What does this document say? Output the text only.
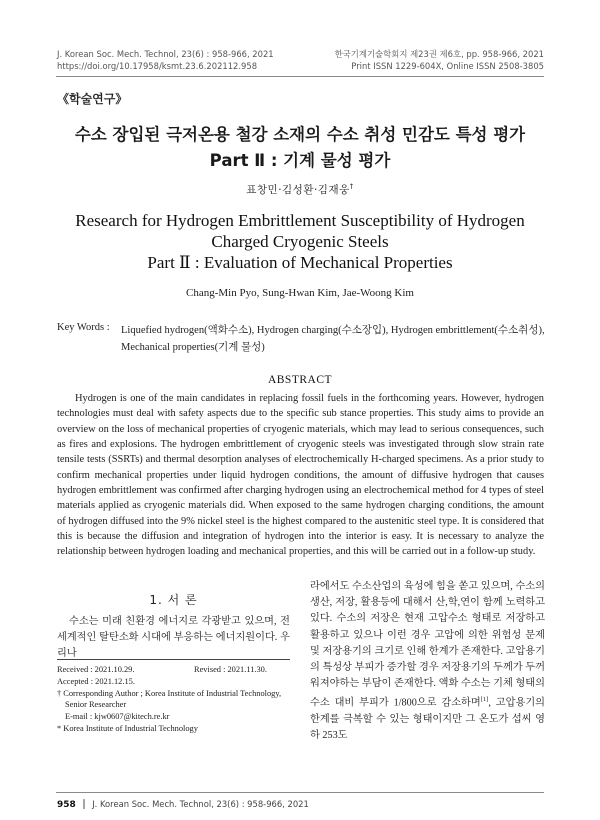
J. Korean Soc. Mech. Technol, 23(6) : 958-966, 2021
https://doi.org/10.17958/ksmt.23.6.202112.958
한국기계기술학회지 제23권 제6호, pp. 958-966, 2021
Print ISSN 1229-604X, Online ISSN 2508-3805
《학술연구》
수소 장입된 극저온용 철강 소재의 수소 취성 민감도 특성 평가
Part Ⅱ : 기계 물성 평가
표창민·김성환·김재웅†
Research for Hydrogen Embrittlement Susceptibility of Hydrogen
Charged Cryogenic Steels
Part Ⅱ : Evaluation of Mechanical Properties
Chang-Min Pyo, Sung-Hwan Kim, Jae-Woong Kim
Key Words : Liquefied hydrogen(액화수소), Hydrogen charging(수소장입), Hydrogen embrittlement(수소취성), Mechanical properties(기계 물성)
ABSTRACT
Hydrogen is one of the main candidates in replacing fossil fuels in the forthcoming years. However, hydrogen technologies must deal with safety aspects due to the specific sub stance properties. This study aims to provide an overview on the loss of mechanical properties of cryogenic materials, which may lead to serious consequences, such as fires and explosions. The hydrogen embrittlement of cryogenic steels was investigated through slow strain rate tensile tests (SSRTs) and thermal desorption analyses of electrochemically H-charged specimens. As a prior study to confirm mechanical properties under liquid hydrogen conditions, the amount of diffusive hydrogen that causes hydrogen embrittlement was confirmed after charging hydrogen using an electrochemical method for 4 types of steel materials applied as cryogenic materials did. When exposed to the same hydrogen charging conditions, the amount of hydrogen diffused into the 9% nickel steel is the highest compared to the austenitic steel type. It is considered that this is because the diffusion and integration of hydrogen into the interior is easy. It is necessary to analyze the relationship between hydrogen loading and mechanical properties, and this will be carried out in a follow-up study.
1. 서 론
수소는 미래 친환경 에너지로 각광받고 있으며, 전세계적인 탈탄소화 시대에 부응하는 에너지원이다. 우리나
Received : 2021.10.29.	Revised : 2021.11.30.
Accepted : 2021.12.15.
† Corresponding Author ; Korea Institute of Industrial Technology,
Senior Researcher
E-mail : kjw0607@kitech.re.kr
* Korea Institute of Industrial Technology
라에서도 수소산업의 육성에 힘을 쏟고 있으며, 수소의 생산, 저장, 활용등에 대해서 산,학,연이 함께 노력하고 있다. 수소의 저장은 현재 고압수소 형태로 저장하고 활용하고 있으나 이런 경우 고압에 의한 위험성 문제 및 저장용기의 크기로 인해 한계가 존재한다. 고압용기의 특성상 부피가 증가할 경우 저장용기의 두께가 두꺼워져야하는 부담이 존재한다. 액화 수소는 기체 형태의 수소 대비 부피가 1/800으로 감소하며[1], 고압용기의 한계를 극복할 수 있는 형태이지만 그 온도가 섭씨 영하 253도
958 ║ J. Korean Soc. Mech. Technol, 23(6) : 958-966, 2021
